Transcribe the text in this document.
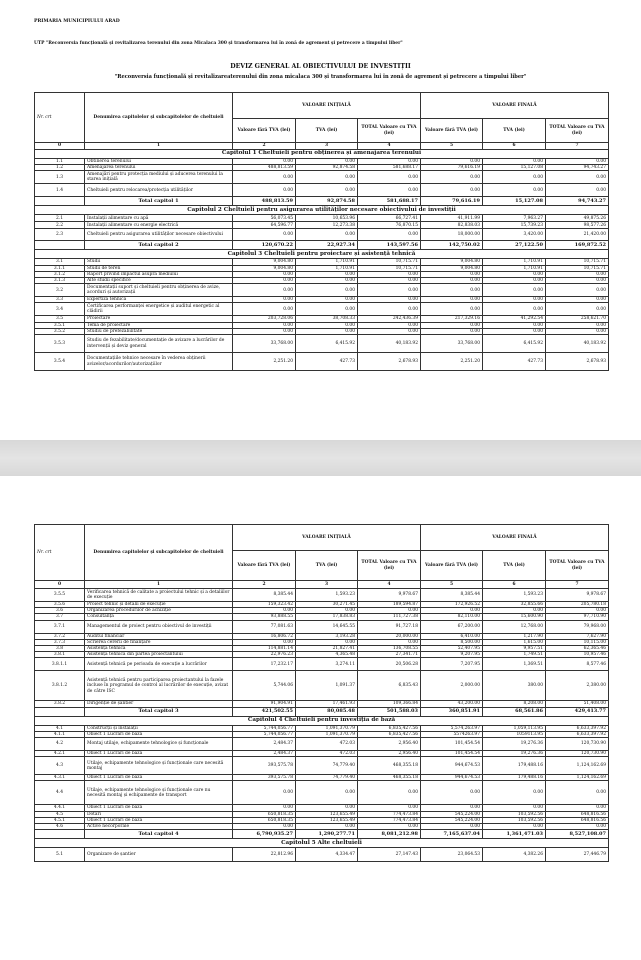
PRIMARIA MUNICIPIULUI ARAD
UTP "Reconversia funcțională și revitalizarea terenului din zona Micalaca 300 și transformarea lui în zonă de agrement și petrecere a timpului liber"
DEVIZ GENERAL AL OBIECTIVULUI DE INVESTIȚII
"Reconversia funcțională și revitalizareaterenului din zona micalaca 300 și transformarea lui în zonă de agrement și petrecere a timpului liber"
Nr. crt	Denumirea capitolelor și subcapitolelor de cheltuieli	VALOARE INIȚIALĂ			VALOARE FINALĂ		
		Valoare fără TVA (lei)	TVA (lei)	TOTAL Valoare cu TVA (lei)	Valoare fără TVA (lei)	TVA (lei)	TOTAL Valoare cu TVA (lei)
0	1	2	3	4	5	6	7
Capitolul 1 Cheltuieli pentru obținerea și amenajarea terenului							
1.1	Obtinerea terenului	0.00	0.00	0.00	0.00	0.00	0.00
1.2	Amenajarea terenului	488,813.59	92,874.58	581,688.17	79,616.19	15,127.08	94,743.27
1.3	Amenajări pentru protecția mediului și aducerea terenului la starea inițială	0.00	0.00	0.00	0.00	0.00	0.00
1.4	Cheltuieli pentru relocarea/protecția utilităților	0.00	0.00	0.00	0.00	0.00	0.00
	Total capitol 1	488,813.59	92,874.58	581,688.17	79,616.19	15,127.08	94,743.27
Capitolul 2 Cheltuieli pentru asigurarea utilităților necesare obiectivului de investiții							
2.1	Instalații alimentare cu apă	56,073.45	10,653.96	66,727.41	41,911.99	7,963.27	49,875.26
2.2	Instalații alimentare cu energie electrică	64,596.77	12,273.38	76,870.15	82,838.03	15,739.23	98,577.26
2.3	Cheltuieli pentru asigurarea utilităților necesare obiectivului	0.00	0.00	0.00	18,000.00	3,420.00	21,420.00
	Total capitol 2	120,670.22	22,927.34	143,597.56	142,750.02	27,122.50	169,872.52
Capitolul 3 Cheltuieli pentru proiectare și asistență tehnică							
3.1	Studii	9,004.80	1,710.91	10,715.71	9,004.80	1,710.91	10,715.71
3.1.1	Studii de teren	9,004.80	1,710.91	10,715.71	9,004.80	1,710.91	10,715.71
3.1.2	Raport privind impactul asupra mediului	0.00	0.00	0.00	0.00	0.00	0.00
3.1.3	Alte studii specifice	0.00	0.00	0.00	0.00	0.00	0.00
3.2	Documentații suport și cheltuieli pentru obținerea de avize, acorduri și autorizații	0.00	0.00	0.00	0.00	0.00	0.00
3.3	Expertiza tehnică	0.00	0.00	0.00	0.00	0.00	0.00
3.4	Certificarea performanței energetice și auditul energetic al clădirii	0.00	0.00	0.00	0.00	0.00	0.00
3.5	Proiectare	203,728.06	38,708.33	242,436.39	217,329.16	41,292.54	258,621.70
3.5.1	Temă de proiectare	0.00	0.00	0.00	0.00	0.00	0.00
3.5.2	Studiu de prefezabilitate	0.00	0.00	0.00	0.00	0.00	0.00
3.5.3	Studiu de fezabilitate/documentație de avizare a lucrărilor de intervenții și deviz general	33,768.00	6,415.92	40,183.92	33,768.00	6,415.92	40,183.92
3.5.4	Documentațiile tehnice necesare în vederea obținerii avizelor/acordurilor/autorizațiilor	2,251.20	427.73	2,678.93	2,251.20	427.73	2,678.93
Nr. crt	Denumirea capitolelor și subcapitolelor de cheltuieli	VALOARE INIȚIALĂ			VALOARE FINALĂ		
		Valoare fără TVA (lei)	TVA (lei)	TOTAL Valoare cu TVA (lei)	Valoare fără TVA (lei)	TVA (lei)	TOTAL Valoare cu TVA (lei)
0	1	2	3	4	5	6	7
3.5.5	Verificarea tehnică de calitate a proiectului tehnic și a detaliilor de execuție	8,385.44	1,593.23	9,978.67	8,385.44	1,593.23	9,978.67
3.5.6	Proiect tehnic și detalii de execuție	159,323.42	30,271.45	189,594.87	172,926.52	32,855.66	205,780.18
3.6	Organizarea procedurilor de achiziție	0.00	0.00	0.00	0.00	0.00	0.00
3.7	Consultanță	93,888.55	17,838.83	111,727.38	82,110.00	15,600.90	97,710.90
3.7.1	Managementul de proiect pentru obiectivul de investiții	77,081.63	14,645.55	91,727.18	67,200.00	12,768.00	79,968.00
3.7.2	Auditul financiar	16,806.72	3,193.28	20,000.00	6,410.00	1,217.90	7,627.90
3.7.3	Scrierea cererii de finanțare	0.00	0.00	0.00	8,500.00	1,615.00	10,115.00
3.8	Asistență tehnică	114,881.14	21,827.41	136,708.55	52,407.95	9,957.51	62,365.46
3.8.1	Asistență tehnică din partea proiectantului	22,976.23	4,365.48	27,341.71	9,207.95	1,749.51	10,957.46
3.8.1.1	Asistență tehnică pe perioada de execuție a lucrărilor	17,232.17	3,274.11	20,506.28	7,207.95	1,369.51	8,577.46
3.8.1.2	Asistență tehnică pentru participarea proiectantului la fazele incluse în programul de control al lucrărilor de execuție, avizat de către ISC	5,744.06	1,091.37	6,835.43	2,000.00	380.00	2,380.00
3.8.2	Dirigenție de șantier	91,904.91	17,461.93	109,366.84	43,200.00	8,208.00	51,408.00
	Total capitol 3	421,502.55	80,085.48	501,588.03	360,851.91	68,561.86	429,413.77
Capitolul 4 Cheltuieli pentru investiția de bază							
4.1	Construcții și instalații	5,744,056.77	1,091,370.79	6,835,427.56	5,574,263.97	1,059,113.95	6,633,397.92
4.1.1	Obiect 1 Lucrări de bază	5,744,056.77	1,091,370.79	6,835,427.56	5574263.97	1059113.95	6,633,397.92
4.2	Montaj utilaje, echipamente tehnologice și funcționale	2,484.37	472.03	2,956.40	101,454.54	19,276.36	120,730.90
4.2.1	Obiect 1 Lucrări de bază	2,484.37	472.03	2,956.40	101,454.54	19,276.36	120,730.90
4.3	Utilaje, echipamente tehnologice și funcționale care necesită montaj	393,575.78	74,779.40	468,355.18	944,674.53	179,488.16	1,124,162.69
4.3.1	Obiect 1 Lucrări de bază	393,575.78	74,779.40	468,355.18	944,674.53	179,488.16	1,124,162.69
4.4	Utilaje, echipamente tehnologice și funcționale care nu necesită montaj și echipamente de transport	0.00	0.00	0.00	0.00	0.00	0.00
4.4.1	Obiect 1 Lucrări de bază	0.00	0.00	0.00	0.00	0.00	0.00
4.5	Dotări	650,818.35	123,655.49	774,473.84	545,224.00	103,592.56	648,816.56
4.5.1	Obiect 1 Lucrări de bază	650,818.35	123,655.49	774,473.84	545,224.00	103,592.56	648,816.56
4.6	Active necorporale	0.00	0.00	0.00	0.00	0.00	0.00
	Total capitol 4	6,790,935.27	1,290,277.71	8,081,212.98	7,165,637.04	1,361,471.03	8,527,108.07
Capitolul 5 Alte cheltuieli							
5.1	Organizare de șantier	22,812.96	4,334.47	27,147.43	23,064.53	4,382.26	27,446.79
